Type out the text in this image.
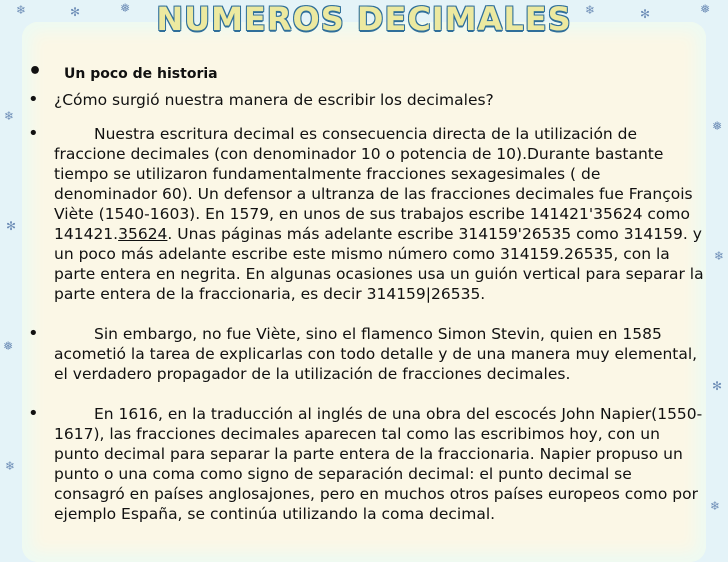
❄	✻	❅	❄	✻	❅
❄
✻
❅
❄
❅
❄
✻
❄
NUMEROS DECIMALES
• Un poco de historia
• ¿Cómo surgió nuestra manera de escribir los decimales?
•	Nuestra escritura decimal es consecuencia directa de la utilización de fraccione decimales (con denominador 10 o potencia de 10).Durante bastante tiempo se utilizaron fundamentalmente fracciones sexagesimales ( de denominador 60). Un defensor a ultranza de las fracciones decimales fue François Viète (1540-1603). En 1579, en unos de sus trabajos escribe 141421'35624 como 141421.35624. Unas páginas más adelante escribe 314159'26535 como 314159. y un poco más adelante escribe este mismo número como 314159.26535, con la parte entera en negrita. En algunas ocasiones usa un guión vertical para separar la parte entera de la fraccionaria, es decir 314159|26535.
•	Sin embargo, no fue Viète, sino el flamenco Simon Stevin, quien en 1585 acometió la tarea de explicarlas con todo detalle y de una manera muy elemental, el verdadero propagador de la utilización de fracciones decimales.
•	En 1616, en la traducción al inglés de una obra del escocés John Napier(1550-1617), las fracciones decimales aparecen tal como las escribimos hoy, con un punto decimal para separar la parte entera de la fraccionaria. Napier propuso un punto o una coma como signo de separación decimal: el punto decimal se consagró en países anglosajones, pero en muchos otros países europeos como por ejemplo España, se continúa utilizando la coma decimal.
